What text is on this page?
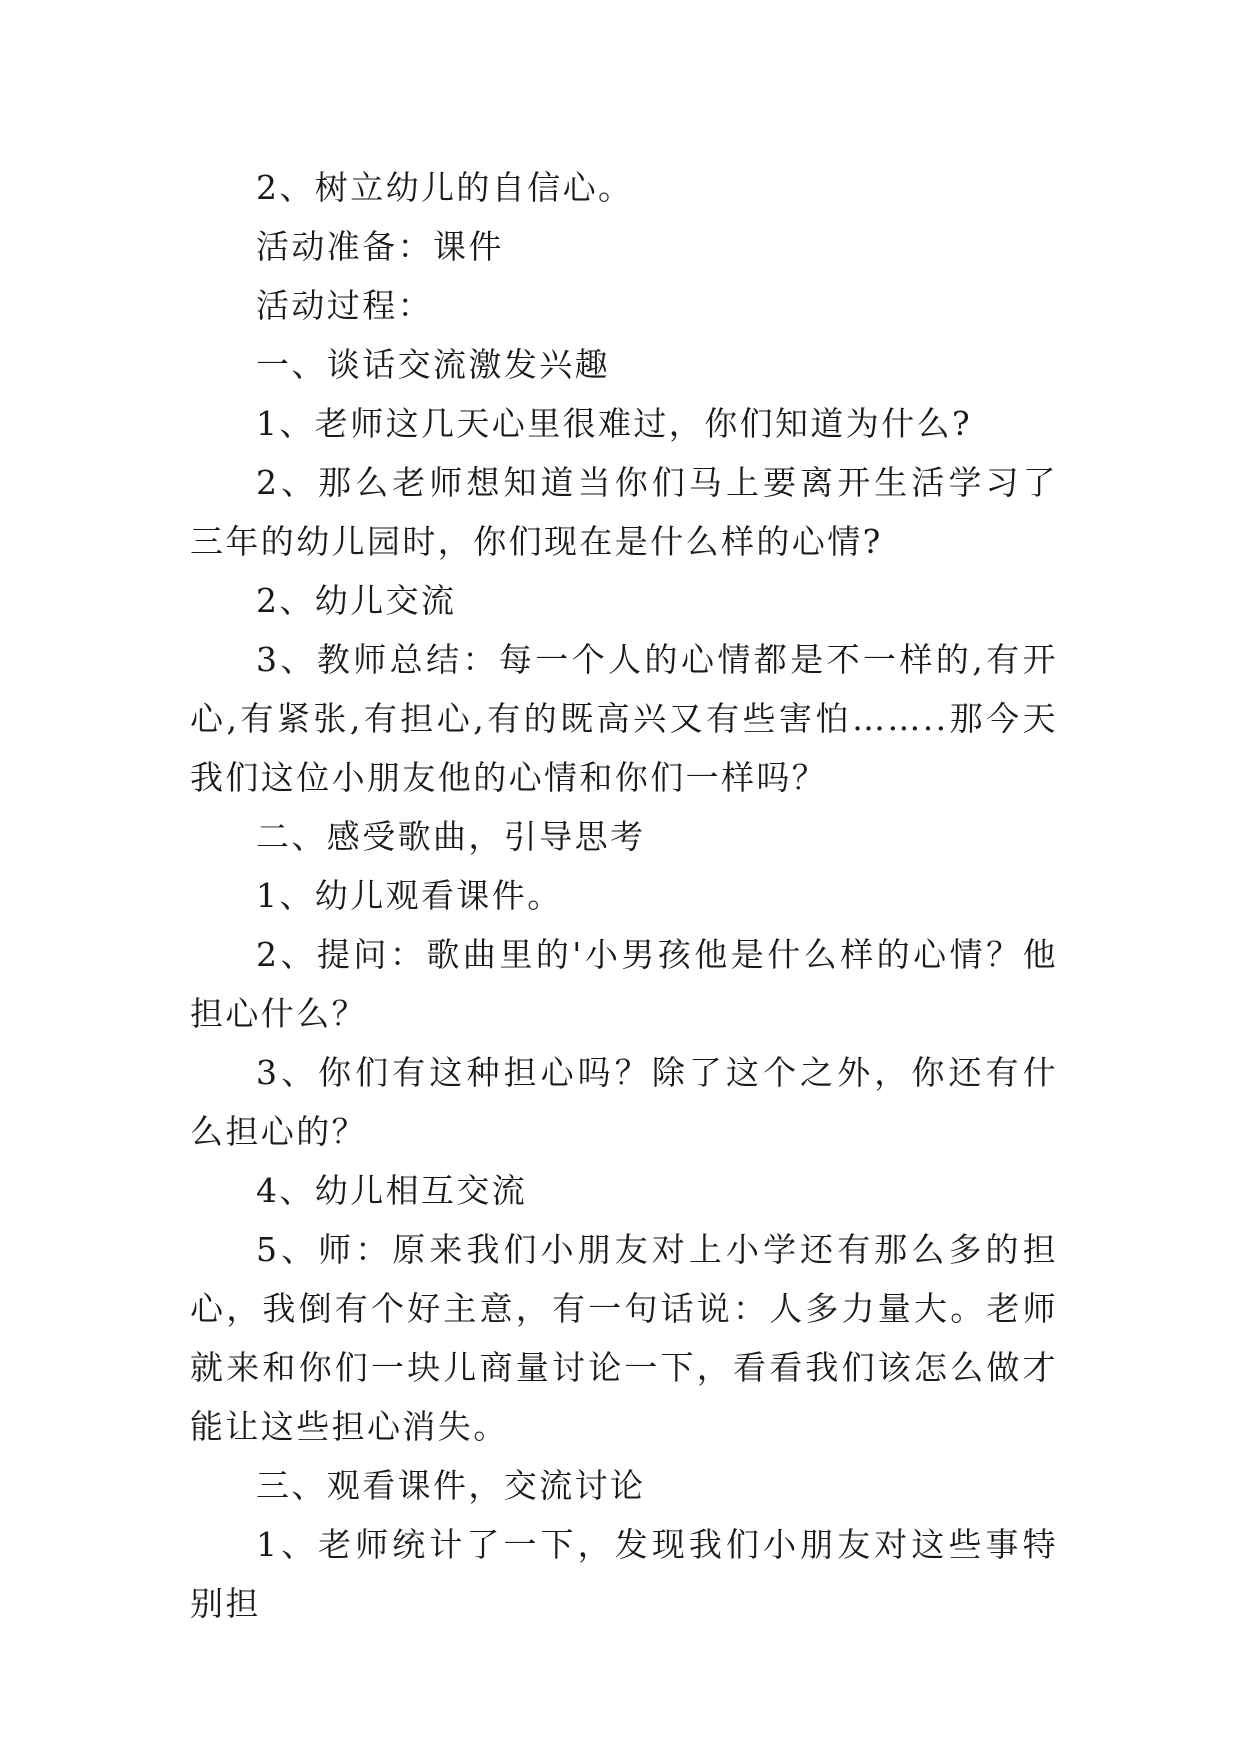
2、树立幼儿的自信心。

活动准备：课件

活动过程：

一、谈话交流激发兴趣

1、老师这几天心里很难过，你们知道为什么?

2、那么老师想知道当你们马上要离开生活学习了三年的幼儿园时，你们现在是什么样的心情?

2、幼儿交流

3、教师总结：每一个人的心情都是不一样的,有开心,有紧张,有担心,有的既高兴又有些害怕……..那今天我们这位小朋友他的心情和你们一样吗？

二、感受歌曲，引导思考

1、幼儿观看课件。

2、提问：歌曲里的'小男孩他是什么样的心情？他担心什么？

3、你们有这种担心吗？除了这个之外，你还有什么担心的？

4、幼儿相互交流

5、师：原来我们小朋友对上小学还有那么多的担心，我倒有个好主意，有一句话说：人多力量大。老师就来和你们一块儿商量讨论一下，看看我们该怎么做才能让这些担心消失。

三、观看课件，交流讨论

1、老师统计了一下，发现我们小朋友对这些事特别担
